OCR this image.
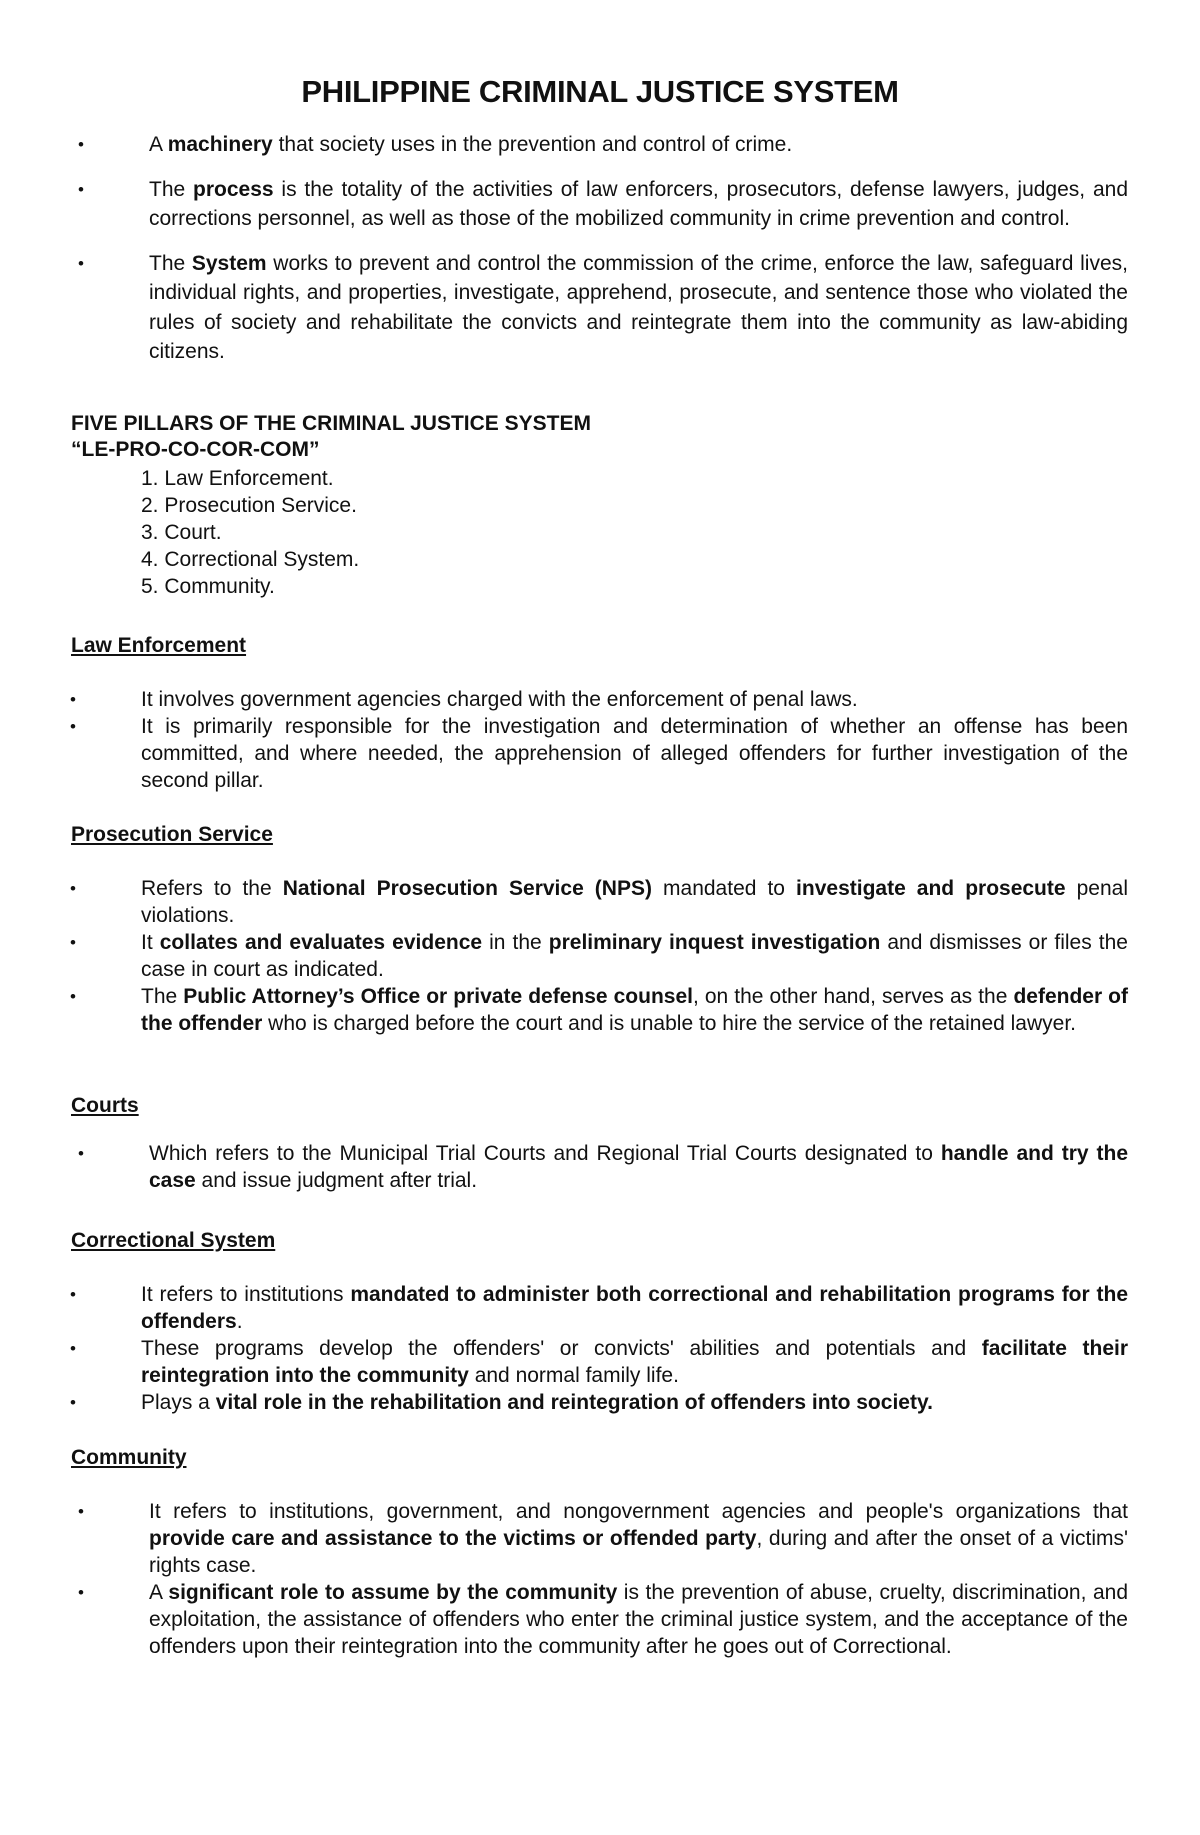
PHILIPPINE CRIMINAL JUSTICE SYSTEM
•	A machinery that society uses in the prevention and control of crime.
•	The process is the totality of the activities of law enforcers, prosecutors, defense lawyers, judges, and corrections personnel, as well as those of the mobilized community in crime prevention and control.
•	The System works to prevent and control the commission of the crime, enforce the law, safeguard lives, individual rights, and properties, investigate, apprehend, prosecute, and sentence those who violated the rules of society and rehabilitate the convicts and reintegrate them into the community as law-abiding citizens.
FIVE PILLARS OF THE CRIMINAL JUSTICE SYSTEM
“LE-PRO-CO-COR-COM”
1. Law Enforcement.
2. Prosecution Service.
3. Court.
4. Correctional System.
5. Community.
Law Enforcement
•	It involves government agencies charged with the enforcement of penal laws.
•	It is primarily responsible for the investigation and determination of whether an offense has been committed, and where needed, the apprehension of alleged offenders for further investigation of the second pillar.
Prosecution Service
•	Refers to the National Prosecution Service (NPS) mandated to investigate and prosecute penal violations.
•	It collates and evaluates evidence in the preliminary inquest investigation and dismisses or files the case in court as indicated.
•	The Public Attorney’s Office or private defense counsel, on the other hand, serves as the defender of the offender who is charged before the court and is unable to hire the service of the retained lawyer.
Courts
•	Which refers to the Municipal Trial Courts and Regional Trial Courts designated to handle and try the case and issue judgment after trial.
Correctional System
•	It refers to institutions mandated to administer both correctional and rehabilitation programs for the offenders.
•	These programs develop the offenders' or convicts' abilities and potentials and facilitate their reintegration into the community and normal family life.
•	Plays a vital role in the rehabilitation and reintegration of offenders into society.
Community
•	It refers to institutions, government, and nongovernment agencies and people's organizations that provide care and assistance to the victims or offended party, during and after the onset of a victims' rights case.
•	A significant role to assume by the community is the prevention of abuse, cruelty, discrimination, and exploitation, the assistance of offenders who enter the criminal justice system, and the acceptance of the offenders upon their reintegration into the community after he goes out of Correctional.
